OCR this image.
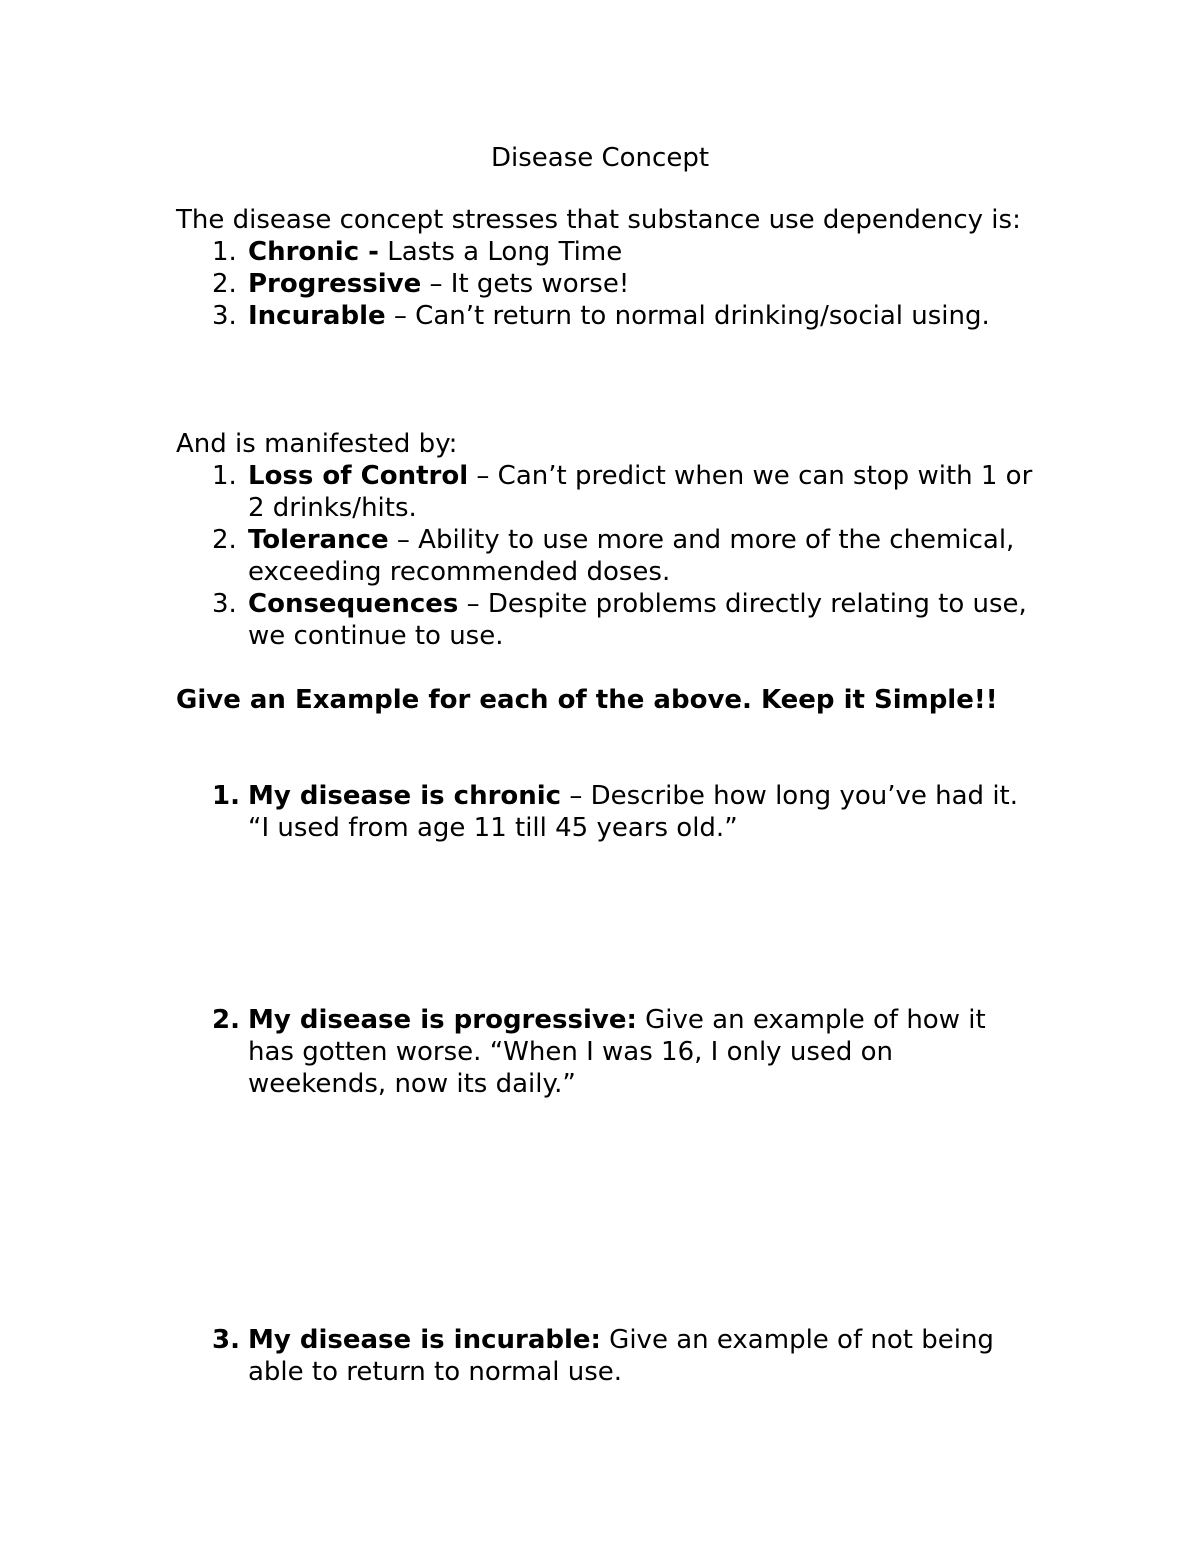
Disease Concept
The disease concept stresses that substance use dependency is:
1. Chronic - Lasts a Long Time
2. Progressive – It gets worse!
3. Incurable – Can’t return to normal drinking/social using.
And is manifested by:
1. Loss of Control – Can’t predict when we can stop with 1 or 2 drinks/hits.
2. Tolerance – Ability to use more and more of the chemical, exceeding recommended doses.
3. Consequences – Despite problems directly relating to use, we continue to use.
Give an Example for each of the above. Keep it Simple!!
1. My disease is chronic – Describe how long you’ve had it. “I used from age 11 till 45 years old.”
2. My disease is progressive: Give an example of how it has gotten worse. “When I was 16, I only used on weekends, now its daily.”
3. My disease is incurable: Give an example of not being able to return to normal use.
